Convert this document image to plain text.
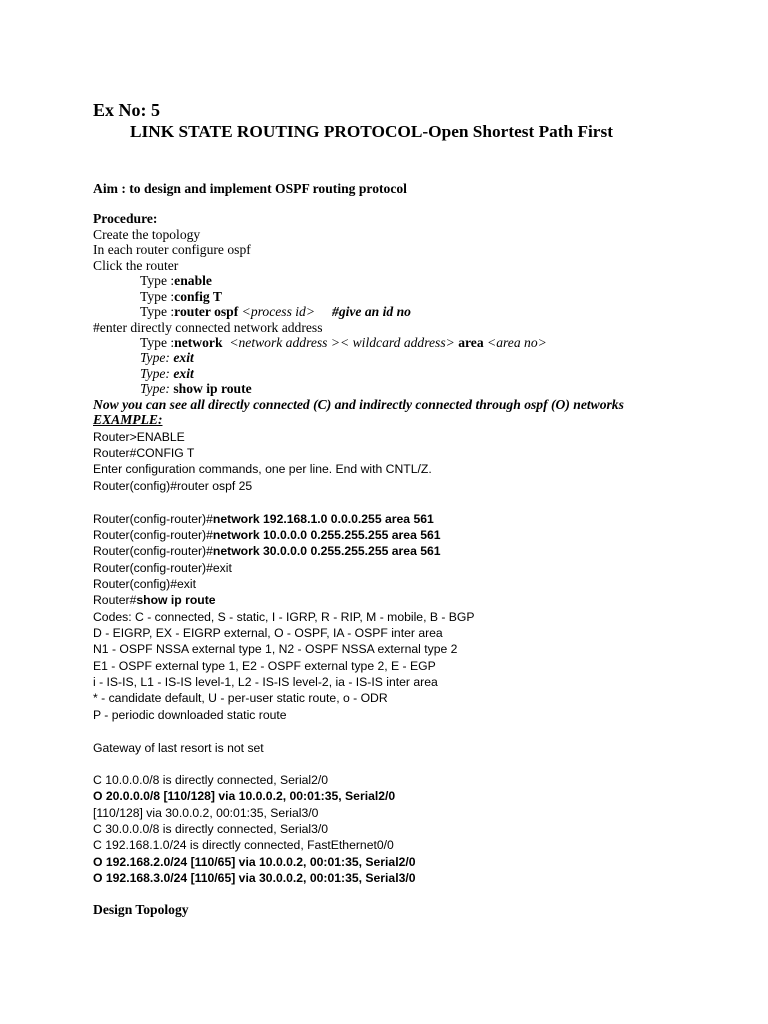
Ex No: 5
LINK STATE ROUTING PROTOCOL-Open Shortest Path First
Aim : to design and implement OSPF routing protocol
Procedure:
Create the topology
In each router configure ospf
Click the router
Type :enable
Type :config T
Type :router ospf <process id> #give an id no
#enter directly connected network address
Type :network <network address >< wildcard address> area <area no>
Type: exit
Type: exit
Type: show ip route
Now you can see all directly connected (C) and indirectly connected through ospf (O) networks
EXAMPLE:
Router>ENABLE
Router#CONFIG T
Enter configuration commands, one per line. End with CNTL/Z.
Router(config)#router ospf 25
Router(config-router)#network 192.168.1.0 0.0.0.255 area 561
Router(config-router)#network 10.0.0.0 0.255.255.255 area 561
Router(config-router)#network 30.0.0.0 0.255.255.255 area 561
Router(config-router)#exit
Router(config)#exit
Router#show ip route
Codes: C - connected, S - static, I - IGRP, R - RIP, M - mobile, B - BGP
D - EIGRP, EX - EIGRP external, O - OSPF, IA - OSPF inter area
N1 - OSPF NSSA external type 1, N2 - OSPF NSSA external type 2
E1 - OSPF external type 1, E2 - OSPF external type 2, E - EGP
i - IS-IS, L1 - IS-IS level-1, L2 - IS-IS level-2, ia - IS-IS inter area
* - candidate default, U - per-user static route, o - ODR
P - periodic downloaded static route
Gateway of last resort is not set
C 10.0.0.0/8 is directly connected, Serial2/0
O 20.0.0.0/8 [110/128] via 10.0.0.2, 00:01:35, Serial2/0
[110/128] via 30.0.0.2, 00:01:35, Serial3/0
C 30.0.0.0/8 is directly connected, Serial3/0
C 192.168.1.0/24 is directly connected, FastEthernet0/0
O 192.168.2.0/24 [110/65] via 10.0.0.2, 00:01:35, Serial2/0
O 192.168.3.0/24 [110/65] via 30.0.0.2, 00:01:35, Serial3/0
Design Topology
